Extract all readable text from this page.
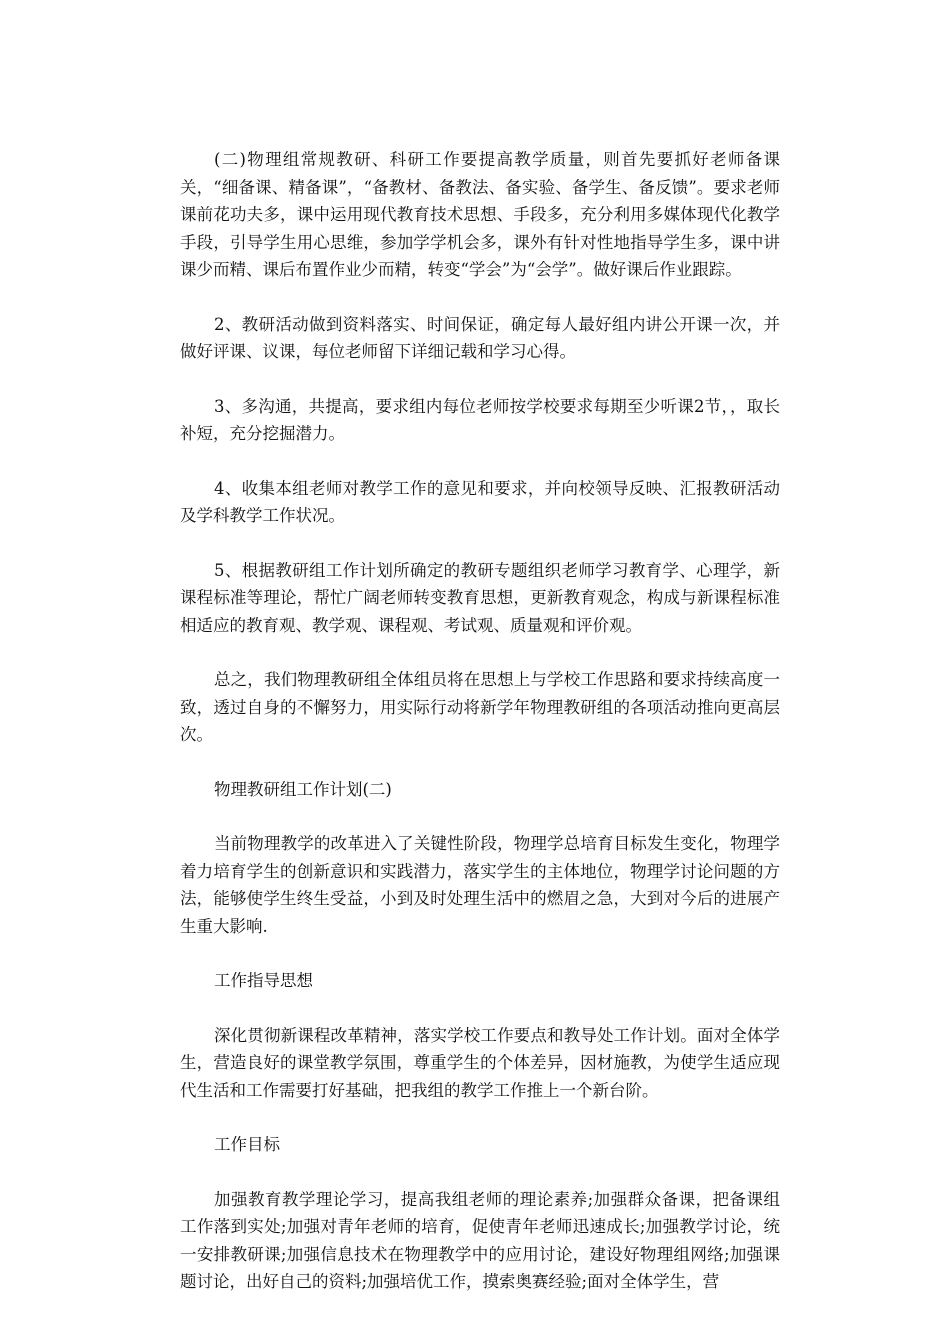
(二)物理组常规教研、科研工作要提高教学质量，则首先要抓好老师备课关，“细备课、精备课”，“备教材、备教法、备实验、备学生、备反馈”。要求老师课前花功夫多，课中运用现代教育技术思想、手段多，充分利用多媒体现代化教学手段，引导学生用心思维，参加学学机会多，课外有针对性地指导学生多，课中讲课少而精、课后布置作业少而精，转变“学会”为“会学”。做好课后作业跟踪。

2、教研活动做到资料落实、时间保证，确定每人最好组内讲公开课一次，并做好评课、议课，每位老师留下详细记载和学习心得。

3、多沟通，共提高，要求组内每位老师按学校要求每期至少听课2节，，取长补短，充分挖掘潜力。

4、收集本组老师对教学工作的意见和要求，并向校领导反映、汇报教研活动及学科教学工作状况。

5、根据教研组工作计划所确定的教研专题组织老师学习教育学、心理学，新课程标准等理论，帮忙广阔老师转变教育思想，更新教育观念，构成与新课程标准相适应的教育观、教学观、课程观、考试观、质量观和评价观。

总之，我们物理教研组全体组员将在思想上与学校工作思路和要求持续高度一致，透过自身的不懈努力，用实际行动将新学年物理教研组的各项活动推向更高层次。

物理教研组工作计划(二)

当前物理教学的改革进入了关键性阶段，物理学总培育目标发生变化，物理学着力培育学生的创新意识和实践潜力，落实学生的主体地位，物理学讨论问题的方法，能够使学生终生受益，小到及时处理生活中的燃眉之急，大到对今后的进展产生重大影响.

工作指导思想

深化贯彻新课程改革精神，落实学校工作要点和教导处工作计划。面对全体学生，营造良好的课堂教学氛围，尊重学生的个体差异，因材施教，为使学生适应现代生活和工作需要打好基础，把我组的教学工作推上一个新台阶。

工作目标

加强教育教学理论学习，提高我组老师的理论素养;加强群众备课，把备课组工作落到实处;加强对青年老师的培育，促使青年老师迅速成长;加强教学讨论，统一安排教研课;加强信息技术在物理教学中的应用讨论，建设好物理组网络;加强课题讨论，出好自己的资料;加强培优工作，摸索奥赛经验;面对全体学生，营
